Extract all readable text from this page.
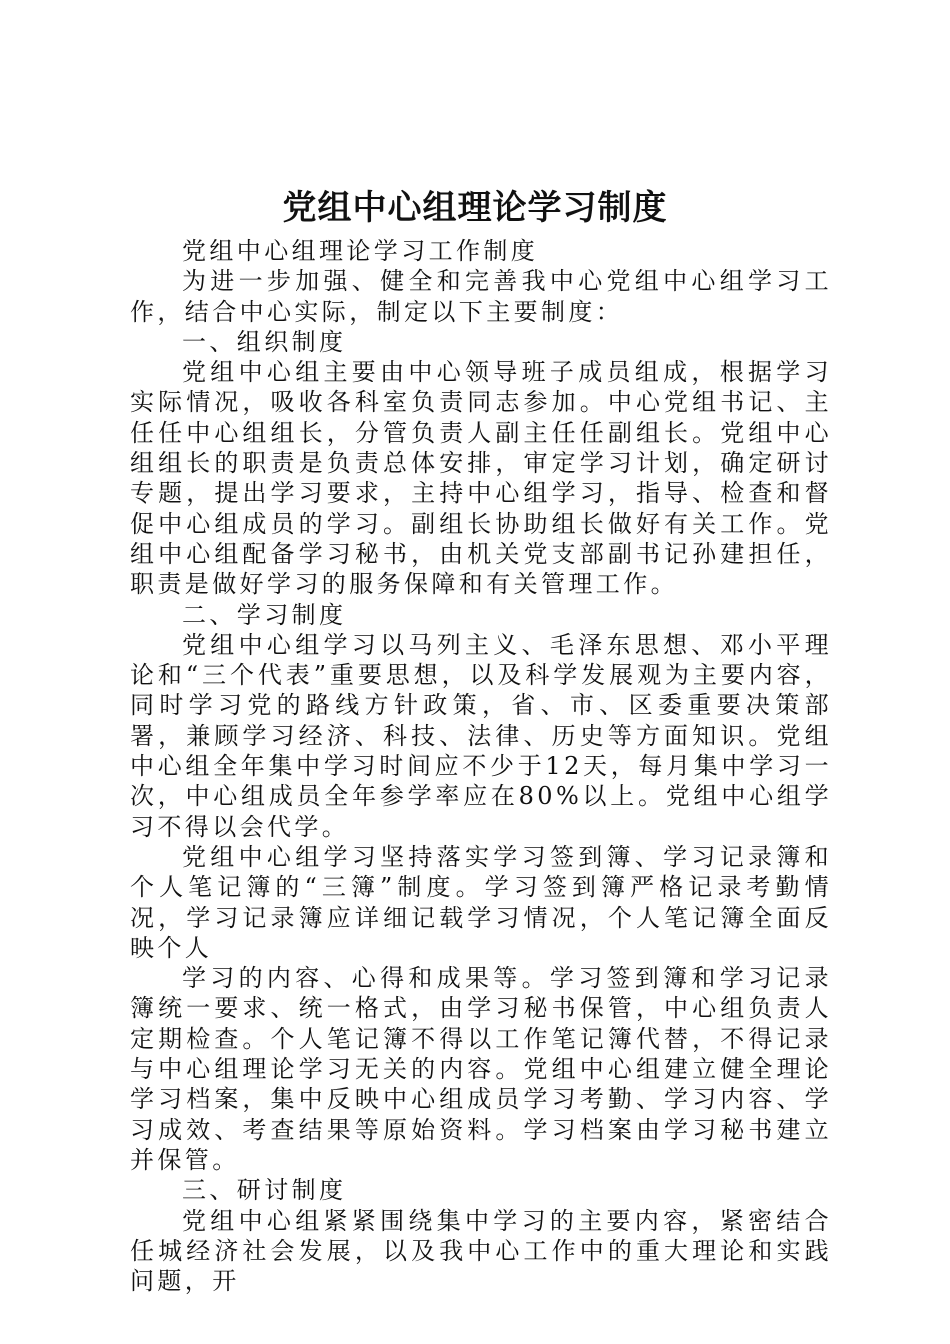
党组中心组理论学习制度

党组中心组理论学习工作制度

为进一步加强、健全和完善我中心党组中心组学习工作，结合中心实际，制定以下主要制度：

一、组织制度

党组中心组主要由中心领导班子成员组成，根据学习实际情况，吸收各科室负责同志参加。中心党组书记、主任任中心组组长，分管负责人副主任任副组长。党组中心组组长的职责是负责总体安排，审定学习计划，确定研讨专题，提出学习要求，主持中心组学习，指导、检查和督促中心组成员的学习。副组长协助组长做好有关工作。党组中心组配备学习秘书，由机关党支部副书记孙建担任，职责是做好学习的服务保障和有关管理工作。

二、学习制度

党组中心组学习以马列主义、毛泽东思想、邓小平理论和“三个代表”重要思想，以及科学发展观为主要内容，同时学习党的路线方针政策，省、市、区委重要决策部署，兼顾学习经济、科技、法律、历史等方面知识。党组中心组全年集中学习时间应不少于12天，每月集中学习一次，中心组成员全年参学率应在80%以上。党组中心组学习不得以会代学。

党组中心组学习坚持落实学习签到簿、学习记录簿和个人笔记簿的“三簿”制度。学习签到簿严格记录考勤情况，学习记录簿应详细记载学习情况，个人笔记簿全面反映个人

学习的内容、心得和成果等。学习签到簿和学习记录簿统一要求、统一格式，由学习秘书保管，中心组负责人定期检查。个人笔记簿不得以工作笔记簿代替，不得记录与中心组理论学习无关的内容。党组中心组建立健全理论学习档案，集中反映中心组成员学习考勤、学习内容、学习成效、考查结果等原始资料。学习档案由学习秘书建立并保管。

三、研讨制度

党组中心组紧紧围绕集中学习的主要内容，紧密结合任城经济社会发展，以及我中心工作中的重大理论和实践问题，开
